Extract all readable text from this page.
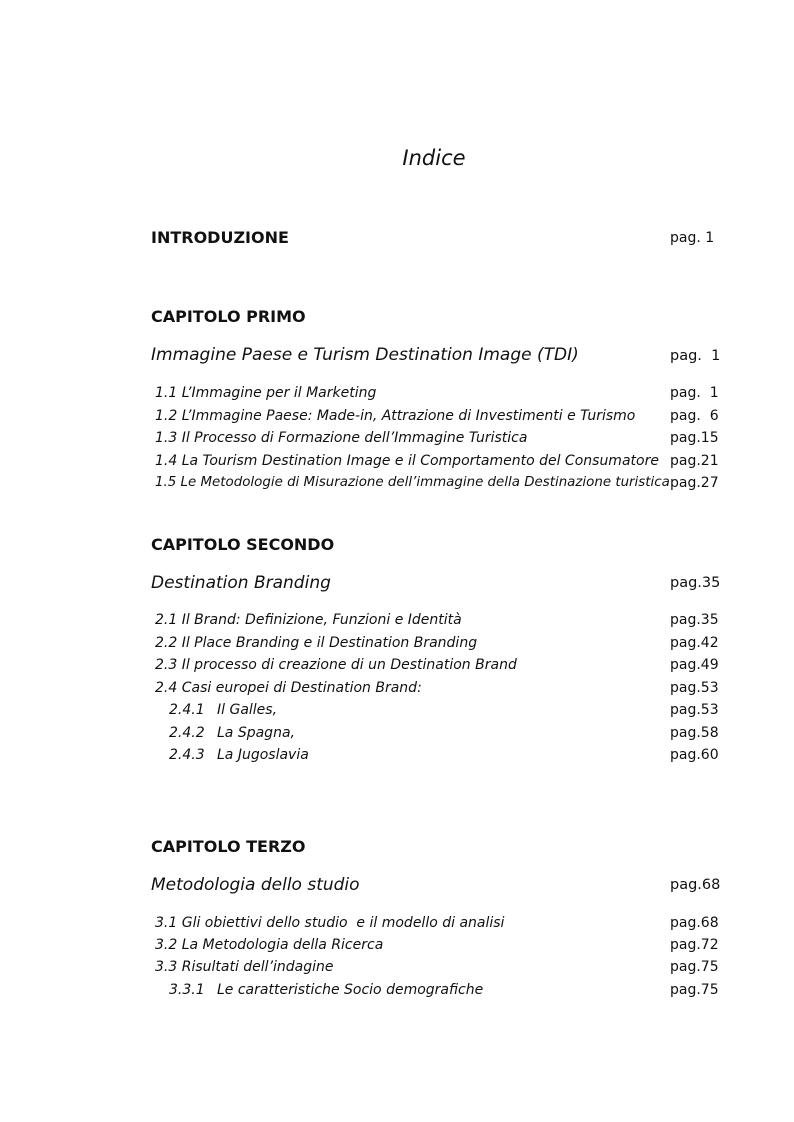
Indice
INTRODUZIONE	pag. 1
CAPITOLO PRIMO
Immagine Paese e Turism Destination Image (TDI)	pag.  1
1.1 L’Immagine per il Marketing	pag.  1
1.2 L’Immagine Paese: Made-in, Attrazione di Investimenti e Turismo pag.  6
1.3 Il Processo di Formazione dell’Immagine Turistica	pag.15
1.4 La Tourism Destination Image e il Comportamento del Consumatore pag.21
1.5 Le Metodologie di Misurazione dell’immagine della Destinazione turistica pag.27
CAPITOLO SECONDO
Destination Branding	pag.35
2.1 Il Brand: Definizione, Funzioni e Identità	pag.35
2.2 Il Place Branding e il Destination Branding	pag.42
2.3 Il processo di creazione di un Destination Brand	pag.49
2.4 Casi europei di Destination Brand:	pag.53
2.4.1 Il Galles,	pag.53
2.4.2 La Spagna,	pag.58
2.4.3 La Jugoslavia	pag.60
CAPITOLO TERZO
Metodologia dello studio	pag.68
3.1 Gli obiettivi dello studio  e il modello di analisi	pag.68
3.2 La Metodologia della Ricerca	pag.72
3.3 Risultati dell’indagine	pag.75
3.3.1 Le caratteristiche Socio demografiche	pag.75
